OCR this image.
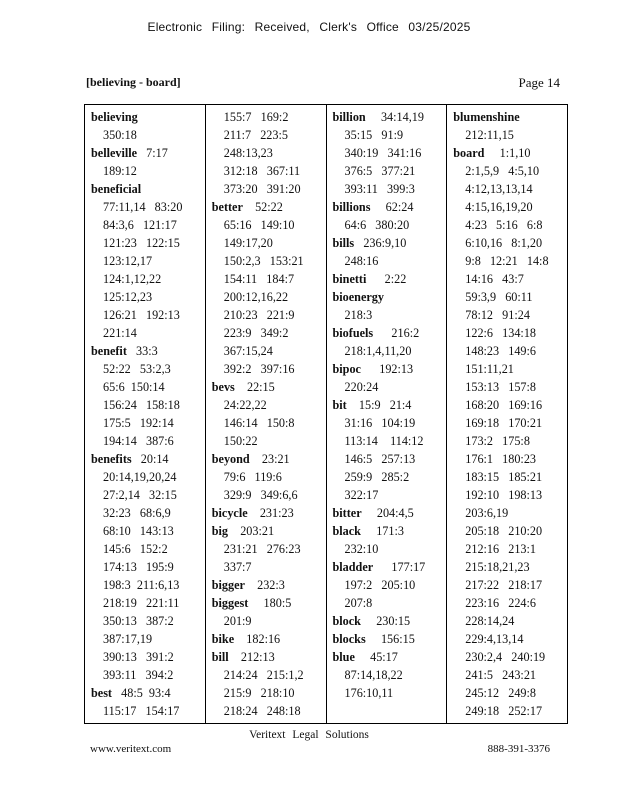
Electronic Filing: Received, Clerk's Office 03/25/2025
[believing - board]	Page 14
believing
350:18
belleville   7:17
189:12
beneficial
77:11,14   83:20
84:3,6   121:17
121:23   122:15
123:12,17
124:1,12,22
125:12,23
126:21   192:13
221:14
benefit   33:3
52:22   53:2,3
65:6  150:14
156:24   158:18
175:5   192:14
194:14   387:6
benefits   20:14
20:14,19,20,24
27:2,14   32:15
32:23   68:6,9
68:10   143:13
145:6   152:2
174:13   195:9
198:3  211:6,13
218:19   221:11
350:13   387:2
387:17,19
390:13   391:2
393:11   394:2
best   48:5  93:4
115:17   154:17
155:7   169:2
211:7   223:5
248:13,23
312:18   367:11
373:20   391:20
better    52:22
65:16   149:10
149:17,20
150:2,3   153:21
154:11   184:7
200:12,16,22
210:23   221:9
223:9   349:2
367:15,24
392:2   397:16
bevs    22:15
24:22,22
146:14   150:8
150:22
beyond    23:21
79:6   119:6
329:9   349:6,6
bicycle    231:23
big    203:21
231:21   276:23
337:7
bigger    232:3
biggest     180:5
201:9
bike    182:16
bill    212:13
214:24   215:1,2
215:9   218:10
218:24   248:18
billion     34:14,19
35:15   91:9
340:19   341:16
376:5   377:21
393:11   399:3
billions     62:24
64:6   380:20
bills   236:9,10
248:16
binetti      2:22
bioenergy
218:3
biofuels      216:2
218:1,4,11,20
bipoc      192:13
220:24
bit    15:9   21:4
31:16   104:19
113:14    114:12
146:5   257:13
259:9   285:2
322:17
bitter     204:4,5
black     171:3
232:10
bladder      177:17
197:2   205:10
207:8
block     230:15
blocks     156:15
blue     45:17
87:14,18,22
176:10,11
blumenshine
212:11,15
board     1:1,10
2:1,5,9   4:5,10
4:12,13,13,14
4:15,16,19,20
4:23   5:16   6:8
6:10,16   8:1,20
9:8   12:21   14:8
14:16   43:7
59:3,9   60:11
78:12   91:24
122:6   134:18
148:23   149:6
151:11,21
153:13   157:8
168:20   169:16
169:18   170:21
173:2   175:8
176:1   180:23
183:15   185:21
192:10   198:13
203:6,19
205:18   210:20
212:16   213:1
215:18,21,23
217:22   218:17
223:16   224:6
228:14,24
229:4,13,14
230:2,4   240:19
241:5   243:21
245:12   249:8
249:18   252:17
Veritext Legal Solutions
www.veritext.com	888-391-3376
